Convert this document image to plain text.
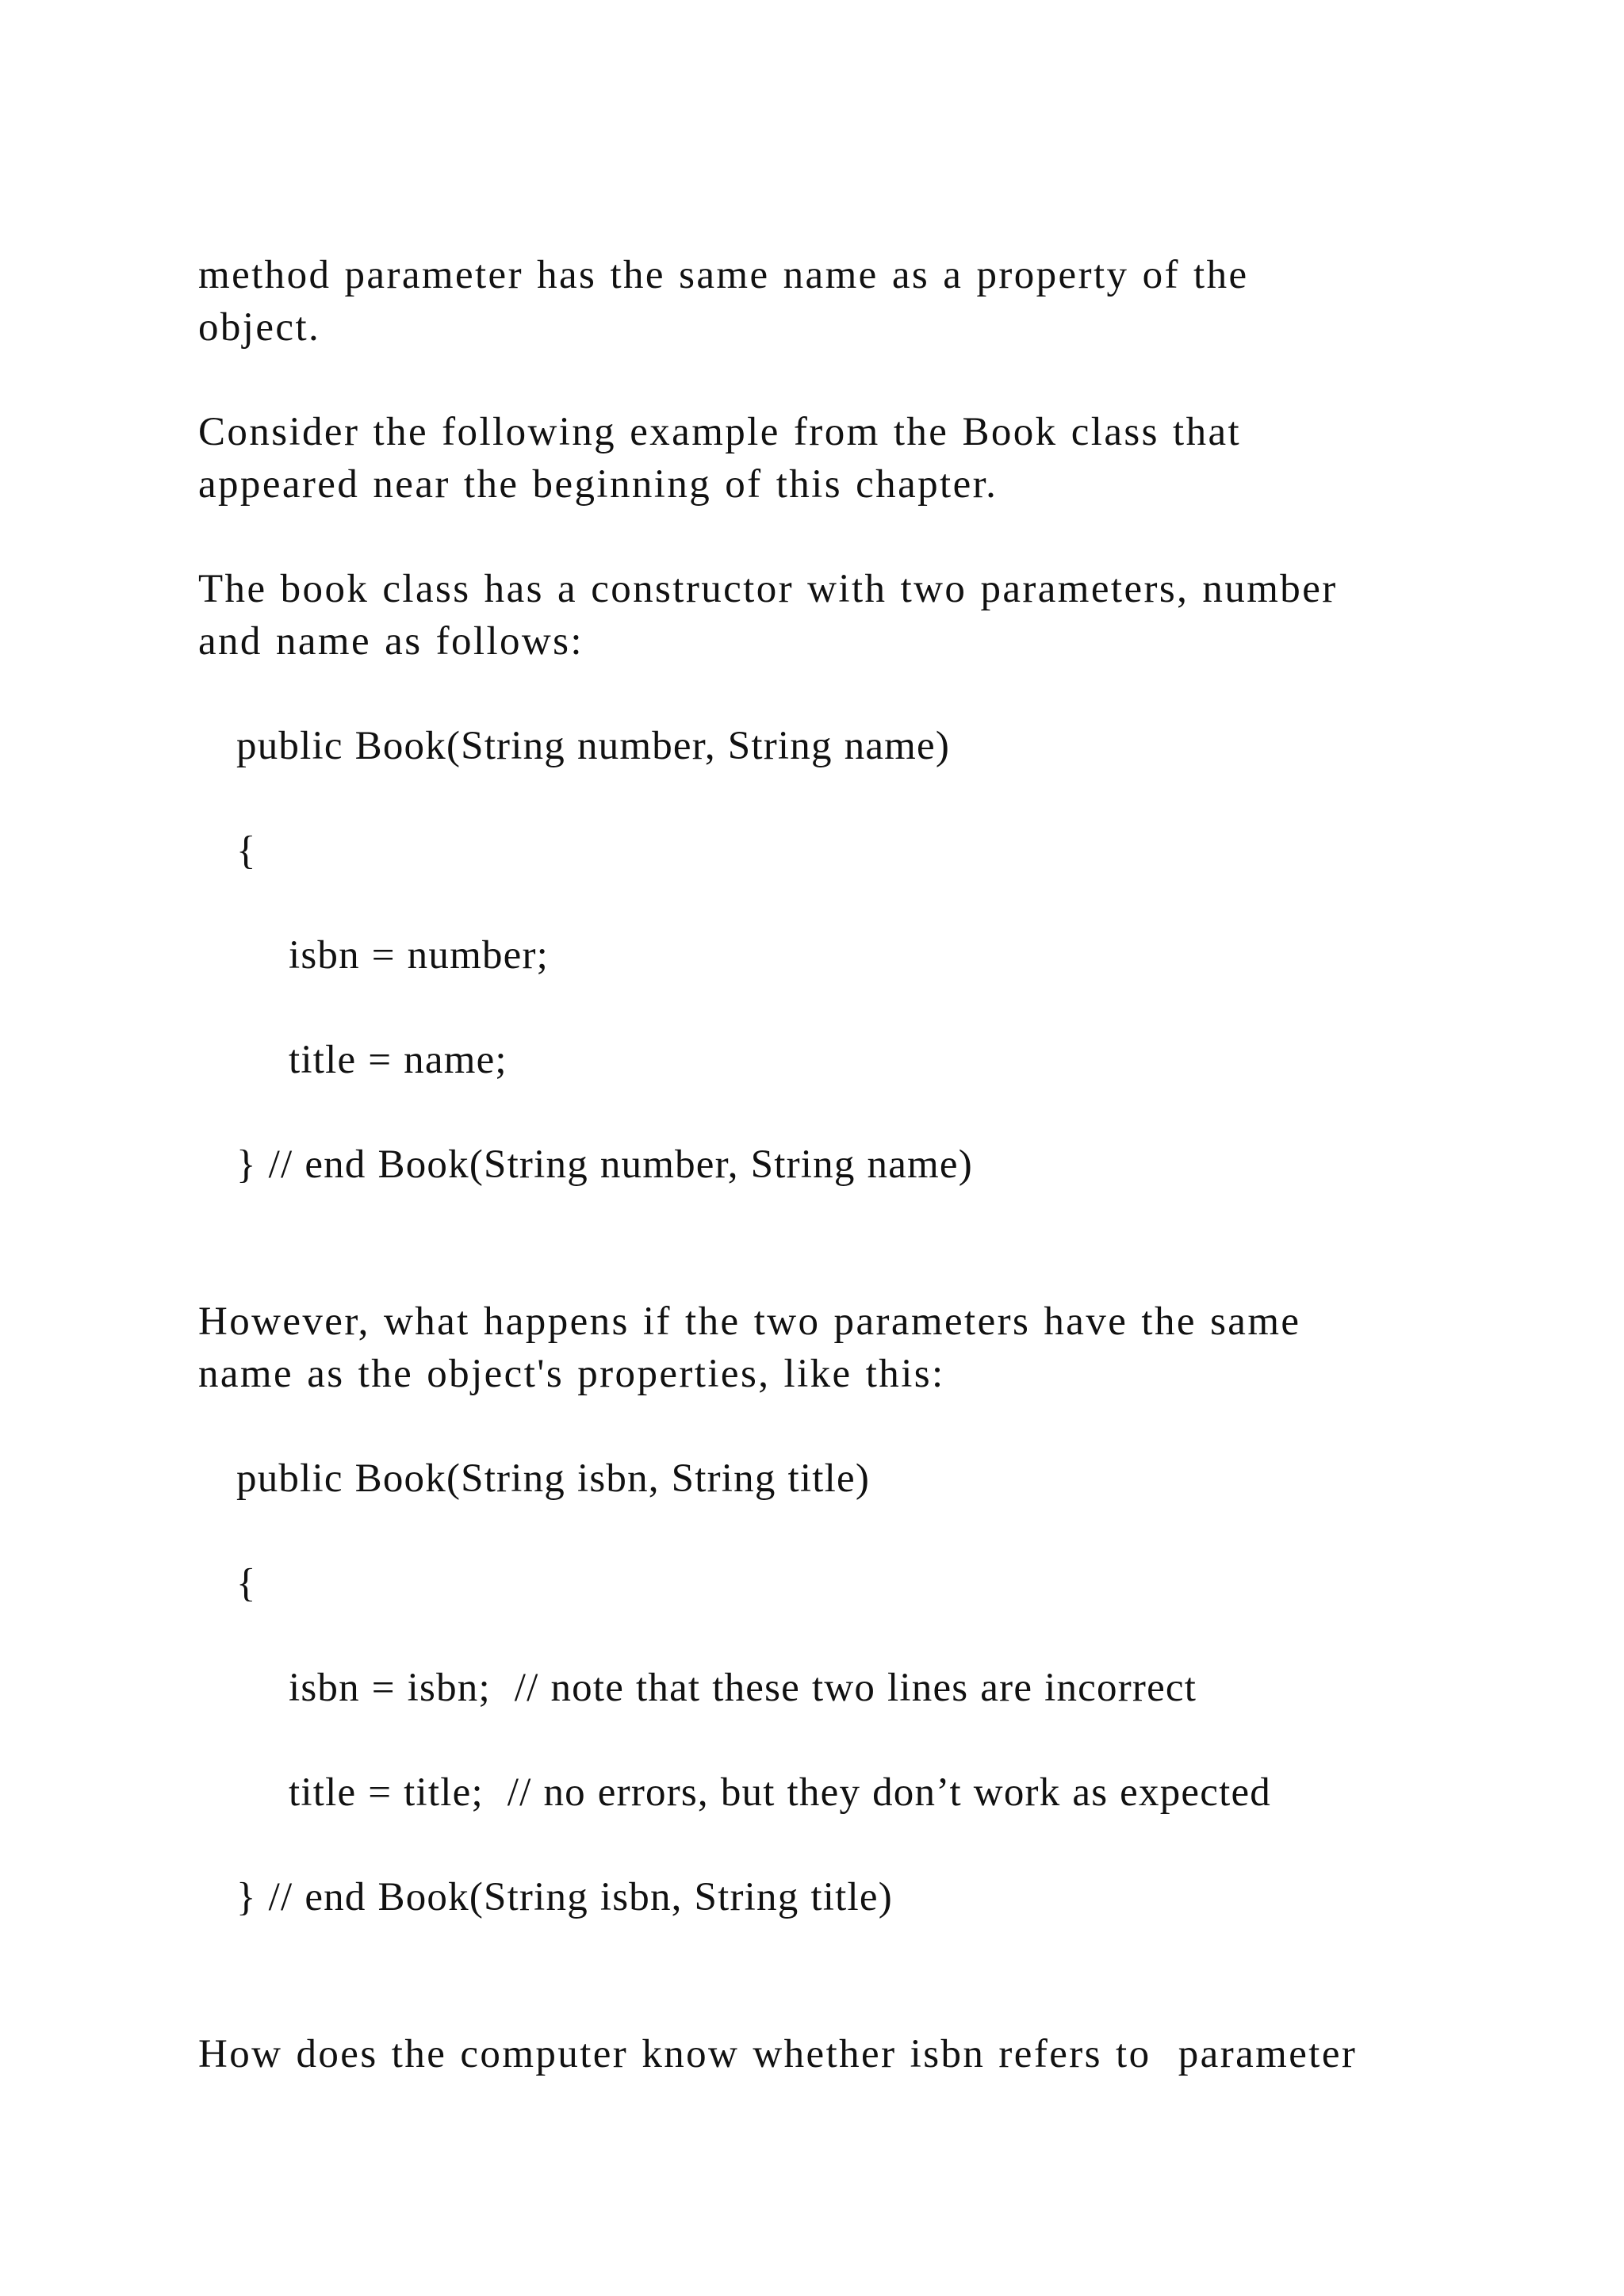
method parameter has the same name as a property of the
object.
Consider the following example from the Book class that
appeared near the beginning of this chapter.
The book class has a constructor with two parameters, number
and name as follows:
public Book(String number, String name)
{
isbn = number;
title = name;
} // end Book(String number, String name)
However, what happens if the two parameters have the same
name as the object's properties, like this:
public Book(String isbn, String title)
{
isbn = isbn;  // note that these two lines are incorrect
title = title;  // no errors, but they don’t work as expected
} // end Book(String isbn, String title)
How does the computer know whether isbn refers to  parameter
